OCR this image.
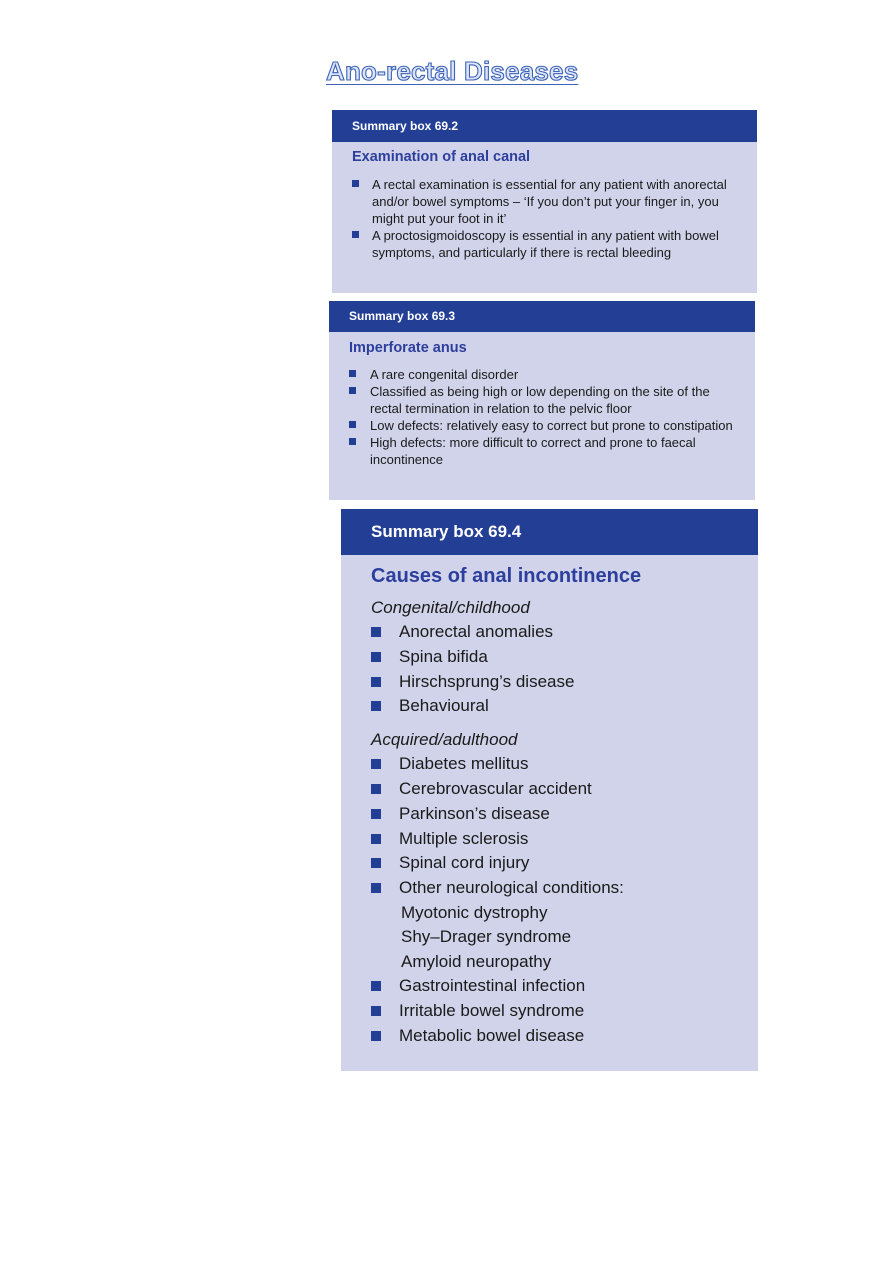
Ano-rectal Diseases
Summary box 69.2
Examination of anal canal
A rectal examination is essential for any patient with anorectal and/or bowel symptoms – ‘If you don’t put your finger in, you might put your foot in it’
A proctosigmoidoscopy is essential in any patient with bowel symptoms, and particularly if there is rectal bleeding
Summary box 69.3
Imperforate anus
A rare congenital disorder
Classified as being high or low depending on the site of the rectal termination in relation to the pelvic floor
Low defects: relatively easy to correct but prone to constipation
High defects: more difficult to correct and prone to faecal incontinence
Summary box 69.4
Causes of anal incontinence
Congenital/childhood
Anorectal anomalies
Spina bifida
Hirschsprung’s disease
Behavioural
Acquired/adulthood
Diabetes mellitus
Cerebrovascular accident
Parkinson’s disease
Multiple sclerosis
Spinal cord injury
Other neurological conditions:
Myotonic dystrophy
Shy–Drager syndrome
Amyloid neuropathy
Gastrointestinal infection
Irritable bowel syndrome
Metabolic bowel disease
